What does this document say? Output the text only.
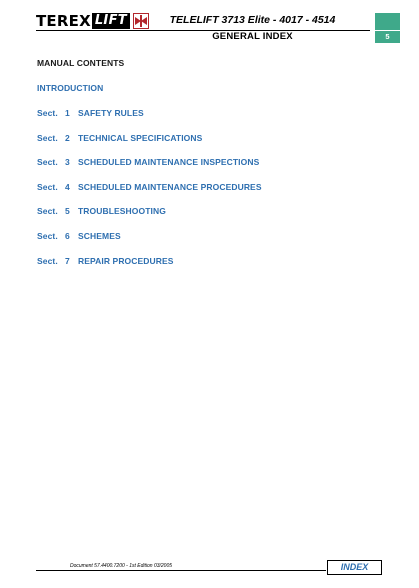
TEREX LIFT	TELELIFT 3713 Elite - 4017 - 4514
GENERAL INDEX	5
MANUAL CONTENTS
INTRODUCTION
Sect. 1 SAFETY RULES
Sect. 2 TECHNICAL SPECIFICATIONS
Sect. 3 SCHEDULED MAINTENANCE INSPECTIONS
Sect. 4 SCHEDULED MAINTENANCE PROCEDURES
Sect. 5 TROUBLESHOOTING
Sect. 6 SCHEMES
Sect. 7 REPAIR PROCEDURES
Document 57.4400.7200 - 1st Edition 03/2005	INDEX
